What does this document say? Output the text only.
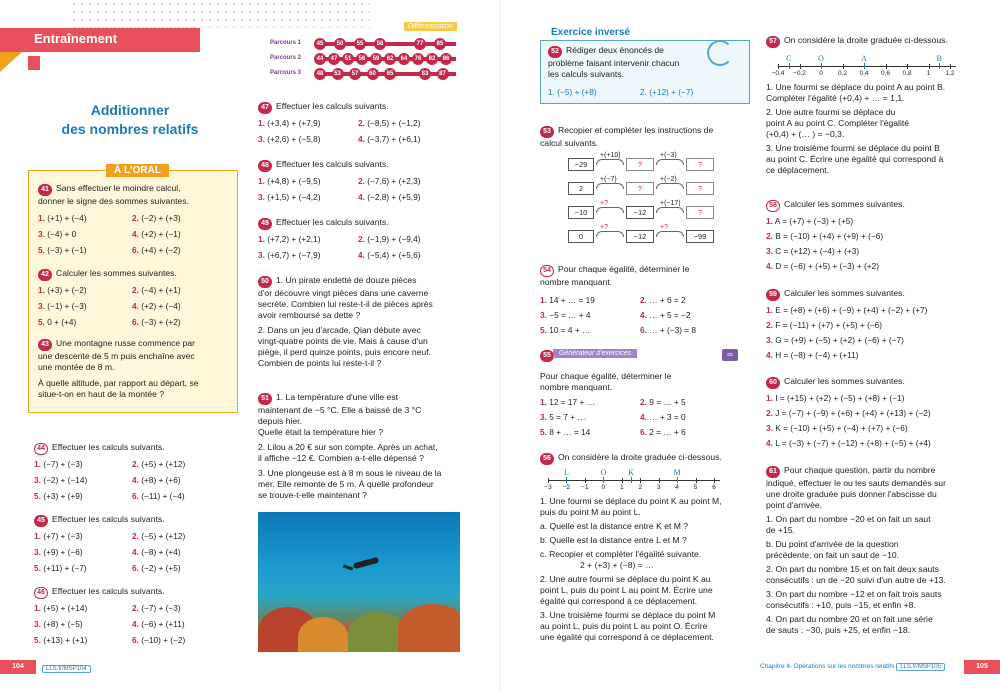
Entraînement
Différenciation
Additionner
des nombres relatifs
À L'ORAL
41 Sans effectuer le moindre calcul,
donner le signe des sommes suivantes.
42 Calculer les sommes suivantes.
43 Une montagne russe commence par
une descente de 5 m puis enchaîne avec
une montée de 8 m.

À quelle altitude, par rapport au départ, se
situe-t-on en haut de la montée ?
44 Effectuer les calculs suivants.
45 Effectuer les calculs suivants.
46 Effectuer les calculs suivants.
47 Effectuer les calculs suivants.
48 Effectuer les calculs suivants.
49 Effectuer les calculs suivants.
50 1. Un pirate endetté de douze pièces
d'or découvre vingt pièces dans une caverne
secrète. Combien lui reste-t-il de pièces après
avoir remboursé sa dette ?

2. Dans un jeu d'arcade, Qian débute avec
vingt-quatre points de vie. Mais à cause d'un
piège, il perd quinze points, puis encore neuf.
Combien de points lui reste-t-il ?
51 1. La température d'une ville est
maintenant de −5 °C. Elle a baissé de 3 °C
depuis hier.
Quelle était la température hier ?

2. Lilou a 20 € sur son compte. Après un achat,
il affiche −12 €. Combien a-t-elle dépensé ?

3. Une plongeuse est à 8 m sous le niveau de la
mer. Elle remonte de 5 m. À quelle profondeur
se trouve-t-elle maintenant ?
104	LLS.fr/MSP104
Exercice inversé
52 Rédiger deux énoncés de
problème faisant intervenir chacun
les calculs suivants.
1. (−5) + (+8)	2. (+12) + (−7)
53 Recopier et compléter les instructions de
calcul suivants.
54 Pour chaque égalité, déterminer le
nombre manquant.
55	Générateur d'exercices	∞
Pour chaque égalité, déterminer le
nombre manquant.
56 On considère la droite graduée ci-dessous.
1. Une fourmi se déplace du point K au point M,
puis du point M au point L.

a. Quelle est la distance entre K et M ?

b. Quelle est la distance entre L et M ?

c. Recopier et compléter l'égalité suivante.

2 + (+3) + (−8) = …
2. Une autre fourmi se déplace du point K au
point L, puis du point L au point M. Écrire une
égalité qui correspond à ce déplacement.

3. Une troisième fourmi se déplace du point M
au point L, puis du point L au point O. Écrire
une égalité qui correspond à ce déplacement.
57 On considère la droite graduée ci-dessous.
1. Une fourmi se déplace du point A au point B.
Compléter l'égalité (+0,4) + … = 1,1.

2. Une autre fourmi se déplace du
point A au point C. Compléter l'égalité
(+0,4) + (… ) = −0,3.

3. Une troisième fourmi se déplace du point B
au point C. Écrire une égalité qui correspond à
ce déplacement.
58 Calculer les sommes suivantes.
59 Calculer les sommes suivantes.
60 Calculer les sommes suivantes.
61 Pour chaque question, partir du nombre
indiqué, effectuer le ou les sauts demandés sur
une droite graduée puis donner l'abscisse du
point d'arrivée.

1. On part du nombre −20 et on fait un saut
de +15.

b. Du point d'arrivée de la question
précédente, on fait un saut de −10.

2. On part du nombre 15 et on fait deux sauts
consécutifs : un de −20 suivi d'un autre de +13.

3. On part du nombre −12 et on fait trois sauts
consécutifs : +10, puis −15, et enfin +8.

4. On part du nombre 20 et on fait une série
de sauts : −30, puis +25, et enfin −18.
Chapitre 4. Opérations sur les nombres relatifs LLS.fr/MSP105	105
1. (+1) + (−4)	2. (−2) + (+3)
3. (−4) + 0	4. (+2) + (−1)
5. (−3) + (−1)	6. (+4) + (−2)
1. (+3) + (−2)	2. (−4) + (+1)
3. (−1) + (−3)	4. (+2) + (−4)
5. 0 + (+4)	6. (−3) + (+2)
1. (−7) + (−3)	2. (+5) + (+12)
3. (−2) + (−14)	4. (+8) + (+6)
5. (+3) + (+9)	6. (−11) + (−4)
1. (+7) + (−3)	2. (−5) + (+12)
3. (+9) + (−6)	4. (−8) + (+4)
5. (+11) + (−7)	6. (−2) + (+5)
1. (+5) + (+14)	2. (−7) + (−3)
3. (+8) + (−5)	4. (−6) + (+11)
5. (+13) + (+1)	6. (−10) + (−2)
1. (+3,4) + (+7,9)	2. (−8,5) + (−1,2)
3. (+2,6) + (−5,8)	4. (−3,7) + (+6,1)
1. (+4,8) + (−9,5)	2. (−7,6) + (+2,3)
3. (+1,5) + (−4,2)	4. (−2,8) + (+5,9)
1. (+7,2) + (+2,1)	2. (−1,9) + (−9,4)
3. (+6,7) + (−7,9)	4. (−5,4) + (+5,6)
1. 14 + … = 19	2. … + 6 = 2
3. −5 = … + 4	4. … + 5 = −2
5. 10 = 4 + …	6. … + (−3) = 8
1. 12 = 17 + …	2. 9 = … + 5
3. 5 = 7 + …	4. … + 3 = 0
5. 8 + … = 14	6. 2 = … + 6
1. A = (+7) + (−3) + (+5)
2. B = (−10) + (+4) + (+9) + (−6)
3. C = (+12) + (−4) + (+3)
4. D = (−6) + (+5) + (−3) + (+2)
1. E = (+8) + (+6) + (−9) + (+4) + (−2) + (+7)
2. F = (−11) + (+7) + (+5) + (−6)
3. G = (+9) + (−5) + (+2) + (−6) + (−7)
4. H = (−8) + (−4) + (+11)
1. I = (+15) + (+2) + (−5) + (+8) + (−1)
2. J = (−7) + (−9) + (+6) + (+4) + (+13) + (−2)
3. K = (−10) + (+5) + (−4) + (+7) + (−6)
4. L = (−3) + (−7) + (−12) + (+8) + (−5) + (+4)
Parcours 1	45	50	55	58	77	85
Parcours 2	44	47	51	56	59	62	64	76	82	86
Parcours 3	48	53	57	60	65	83	87
−29
+(+10)
?
+(−3)
?
2
+(−7)
?
+(−2)
?
−10
+?
−12
+(−17)
?
0
+?
−12
+?
−99
−3	−2	−1	0	1	2	3	4	5	6
L	O	K	M
−0,4 −0,2	0	0,2	0,4	0,6	0,8	1	1,2
C	O	A	B
